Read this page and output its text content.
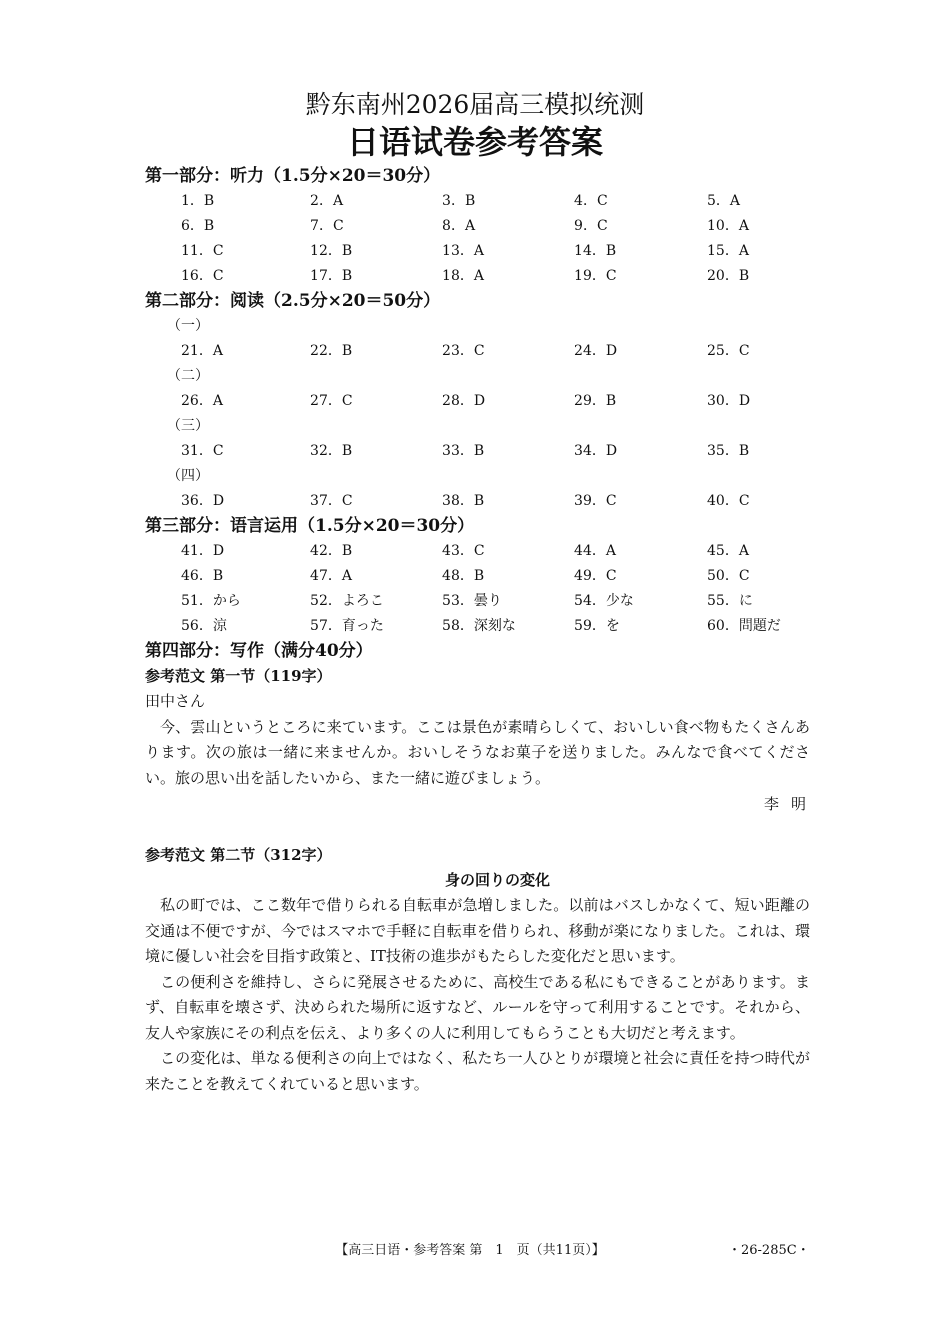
黔东南州2026届高三模拟统测
日语试卷参考答案
第一部分：听力（1.5分×20＝30分）
1．B	2．A	3．B	4．C	5．A
6．B	7．C	8．A	9．C	10．A
11．C	12．B	13．A	14．B	15．A
16．C	17．B	18．A	19．C	20．B
第二部分：阅读（2.5分×20＝50分）
（一）
21．A	22．B	23．C	24．D	25．C
（二）
26．A	27．C	28．D	29．B	30．D
（三）
31．C	32．B	33．B	34．D	35．B
（四）
36．D	37．C	38．B	39．C	40．C
第三部分：语言运用（1.5分×20＝30分）
41．D	42．B	43．C	44．A	45．A
46．B	47．A	48．B	49．C	50．C
51．から	52．よろこ	53．曇り	54．少な	55．に
56．涼	57．育った	58．深刻な	59．を	60．問題だ
第四部分：写作（满分40分）
参考范文 第一节（119字）

田中さん

今、雲山というところに来ています。ここは景色が素晴らしくて、おいしい食べ物もたくさんあります。次の旅は一緒に来ませんか。おいしそうなお菓子を送りました。みんなで食べてください。旅の思い出を話したいから、また一緒に遊びましょう。

李明
参考范文 第二节（312字）
身の回りの変化

私の町では、ここ数年で借りられる自転車が急増しました。以前はバスしかなくて、短い距離の交通は不便ですが、今ではスマホで手軽に自転車を借りられ、移動が楽になりました。これは、環境に優しい社会を目指す政策と、IT技術の進歩がもたらした変化だと思います。

この便利さを維持し、さらに発展させるために、高校生である私にもできることがあります。まず、自転車を壊さず、決められた場所に返すなど、ルールを守って利用することです。それから、友人や家族にその利点を伝え、より多くの人に利用してもらうことも大切だと考えます。

この変化は、単なる便利さの向上ではなく、私たち一人ひとりが環境と社会に責任を持つ時代が来たことを教えてくれていると思います。

【高三日语・参考答案 第　1　页（共11页）】	・26-285C・
